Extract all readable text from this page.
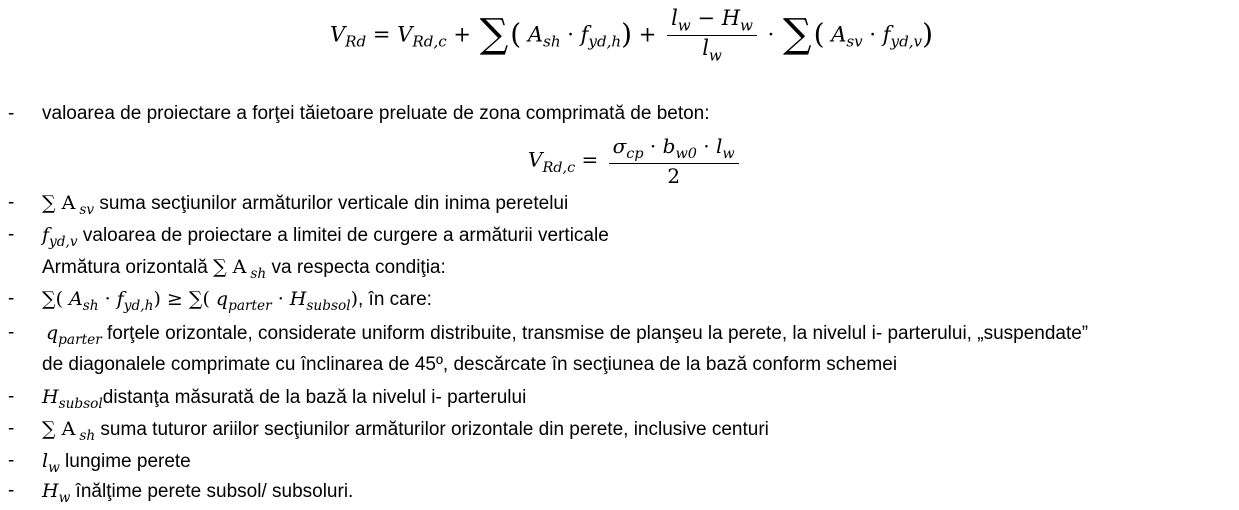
$V_{Rd} = V_{Rd,c}$ + ∑( $A_{sh} \cdot f_{yd,h}) + \frac{l_w - H_w}{l_w}$ · ∑( $A_{sv} \cdot f_{yd,v}$)
- valoarea de proiectare a forţei tăietoare preluate de zona comprimată de beton:
$V_{Rd,c} = \frac{\sigma_{cp} \cdot b_{w0} \cdot l_w}{2}$
- ∑ A $_{sv}$ suma secţiunilor armăturilor verticale din inima peretelui
- $f_{yd,v}$ valoarea de proiectare a limitei de curgere a armăturii verticale
Armătura orizontală ∑ A $_{sh}$ va respecta condiţia:
- ∑( $A_{sh} \cdot f_{yd,h}$) ≥ ∑( $q_{parter} \cdot H_{subsol}$), în care:
- $q_{parter}$ forţele orizontale, considerate uniform distribuite, transmise de planşeu la perete, la nivelul i- parterului, „suspendate”
de diagonalele comprimate cu înclinarea de 45º, descărcate în secţiunea de la bază conform schemei
- $H_{subsol}distanţa$ măsurată de la bază la nivelul i- parterului
- ∑ A $_{sh}$ suma tuturor ariilor secţiunilor armăturilor orizontale din perete, inclusive centuri
- $l_w$ lungime perete
- $H_w$ înălţime perete subsol/ subsoluri.
